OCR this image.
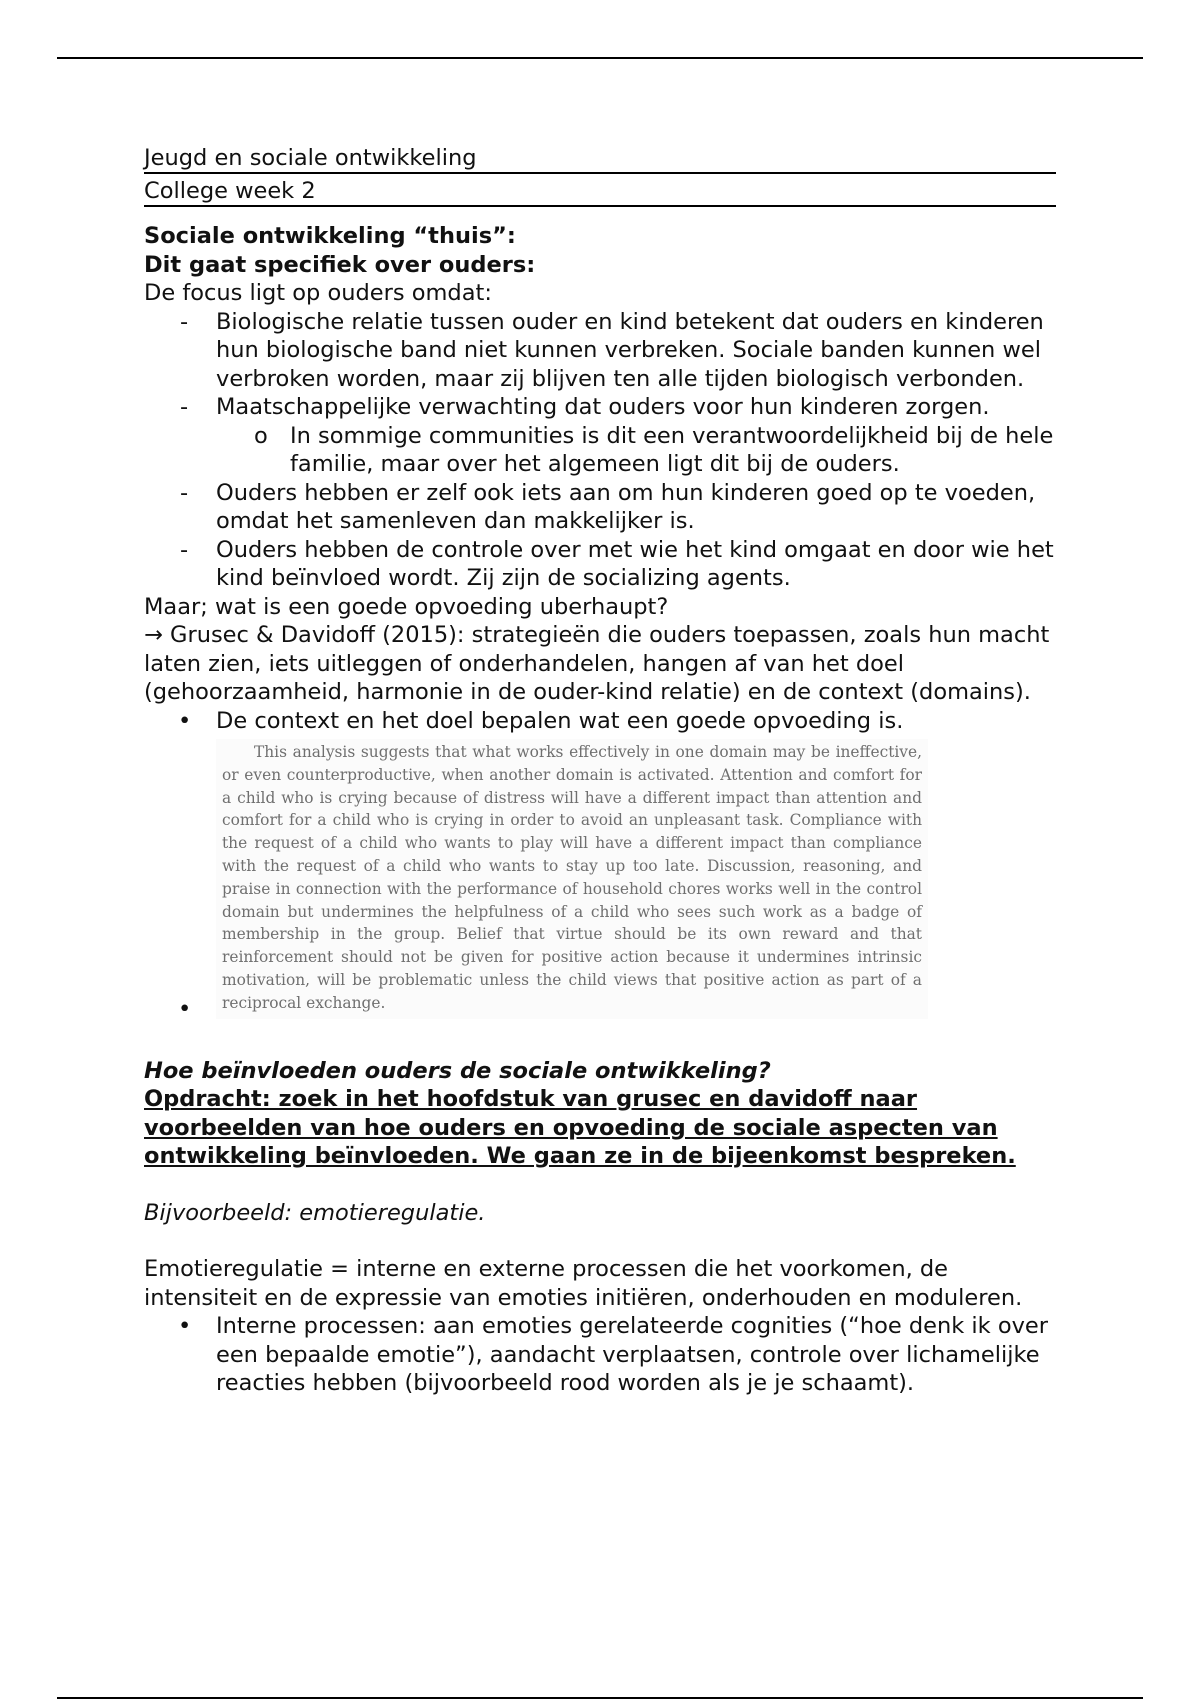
Jeugd en sociale ontwikkeling
College week 2

Sociale ontwikkeling “thuis”:

Dit gaat specifiek over ouders:

De focus ligt op ouders omdat:

- Biologische relatie tussen ouder en kind betekent dat ouders en kinderen hun biologische band niet kunnen verbreken. Sociale banden kunnen wel verbroken worden, maar zij blijven ten alle tijden biologisch verbonden.
- Maatschappelijke verwachting dat ouders voor hun kinderen zorgen.
o In sommige communities is dit een verantwoordelijkheid bij de hele familie, maar over het algemeen ligt dit bij de ouders.
- Ouders hebben er zelf ook iets aan om hun kinderen goed op te voeden, omdat het samenleven dan makkelijker is.
- Ouders hebben de controle over met wie het kind omgaat en door wie het kind beïnvloed wordt. Zij zijn de socializing agents.

Maar; wat is een goede opvoeding uberhaupt?

→ Grusec & Davidoff (2015): strategieën die ouders toepassen, zoals hun macht laten zien, iets uitleggen of onderhandelen, hangen af van het doel (gehoorzaamheid, harmonie in de ouder-kind relatie) en de context (domains).

• De context en het doel bepalen wat een goede opvoeding is.
This analysis suggests that what works effectively in one domain may be ineffective, or even counterproductive, when another domain is activated. Attention and comfort for a child who is crying because of distress will have a different impact than attention and comfort for a child who is crying in order to avoid an unpleasant task. Compliance with the request of a child who wants to play will have a different impact than compliance with the request of a child who wants to stay up too late. Discussion, reasoning, and praise in connection with the performance of household chores works well in the control domain but undermines the helpfulness of a child who sees such work as a badge of membership in the group. Belief that virtue should be its own reward and that reinforcement should not be given for positive action because it undermines intrinsic motivation, will be problematic unless the child views that positive action as part of a reciprocal exchange.
•

Hoe beïnvloeden ouders de sociale ontwikkeling?

Opdracht: zoek in het hoofdstuk van grusec en davidoff naar voorbeelden van hoe ouders en opvoeding de sociale aspecten van ontwikkeling beïnvloeden. We gaan ze in de bijeenkomst bespreken.

Bijvoorbeeld: emotieregulatie.

Emotieregulatie = interne en externe processen die het voorkomen, de intensiteit en de expressie van emoties initiëren, onderhouden en moduleren.

• Interne processen: aan emoties gerelateerde cognities (“hoe denk ik over een bepaalde emotie”), aandacht verplaatsen, controle over lichamelijke reacties hebben (bijvoorbeeld rood worden als je je schaamt).
